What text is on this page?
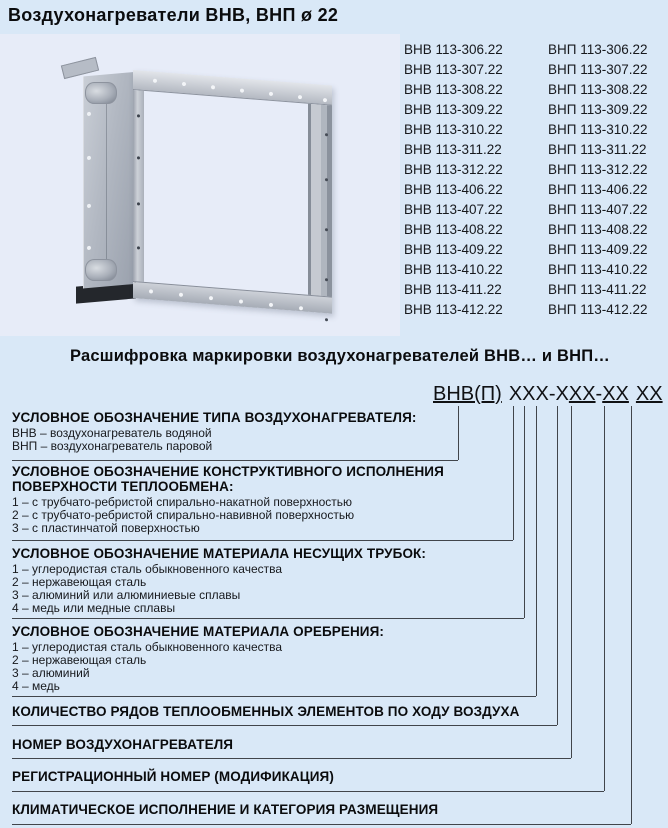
Воздухонагреватели ВНВ, ВНП ø 22
ВНВ 113-306.22	ВНП 113-306.22
ВНВ 113-307.22	ВНП 113-307.22
ВНВ 113-308.22	ВНП 113-308.22
ВНВ 113-309.22	ВНП 113-309.22
ВНВ 113-310.22	ВНП 113-310.22
ВНВ 113-311.22	ВНП 113-311.22
ВНВ 113-312.22	ВНП 113-312.22
ВНВ 113-406.22	ВНП 113-406.22
ВНВ 113-407.22	ВНП 113-407.22
ВНВ 113-408.22	ВНП 113-408.22
ВНВ 113-409.22	ВНП 113-409.22
ВНВ 113-410.22	ВНП 113-410.22
ВНВ 113-411.22	ВНП 113-411.22
ВНВ 113-412.22	ВНП 113-412.22
Расшифровка маркировки воздухонагревателей ВНВ… и ВНП…
ВНВ(П) ХХХ-ХХХ-ХХ ХХ
УСЛОВНОЕ ОБОЗНАЧЕНИЕ ТИПА ВОЗДУХОНАГРЕВАТЕЛЯ:
ВНВ – воздухонагреватель водяной
ВНП – воздухонагреватель паровой
УСЛОВНОЕ ОБОЗНАЧЕНИЕ КОНСТРУКТИВНОГО ИСПОЛНЕНИЯ ПОВЕРХНОСТИ ТЕПЛООБМЕНА:
1 – с трубчато-ребристой спирально-накатной поверхностью
2 – с трубчато-ребристой спирально-навивной поверхностью
3 – с пластинчатой поверхностью
УСЛОВНОЕ ОБОЗНАЧЕНИЕ МАТЕРИАЛА НЕСУЩИХ ТРУБОК:
1 – углеродистая сталь обыкновенного качества
2 – нержавеющая сталь
3 – алюминий или алюминиевые сплавы
4 – медь или медные сплавы
УСЛОВНОЕ ОБОЗНАЧЕНИЕ МАТЕРИАЛА ОРЕБРЕНИЯ:
1 – углеродистая сталь обыкновенного качества
2 – нержавеющая сталь
3 – алюминий
4 – медь
КОЛИЧЕСТВО РЯДОВ ТЕПЛООБМЕННЫХ ЭЛЕМЕНТОВ ПО ХОДУ ВОЗДУХА
НОМЕР ВОЗДУХОНАГРЕВАТЕЛЯ
РЕГИСТРАЦИОННЫЙ НОМЕР (МОДИФИКАЦИЯ)
КЛИМАТИЧЕСКОЕ ИСПОЛНЕНИЕ И КАТЕГОРИЯ РАЗМЕЩЕНИЯ
